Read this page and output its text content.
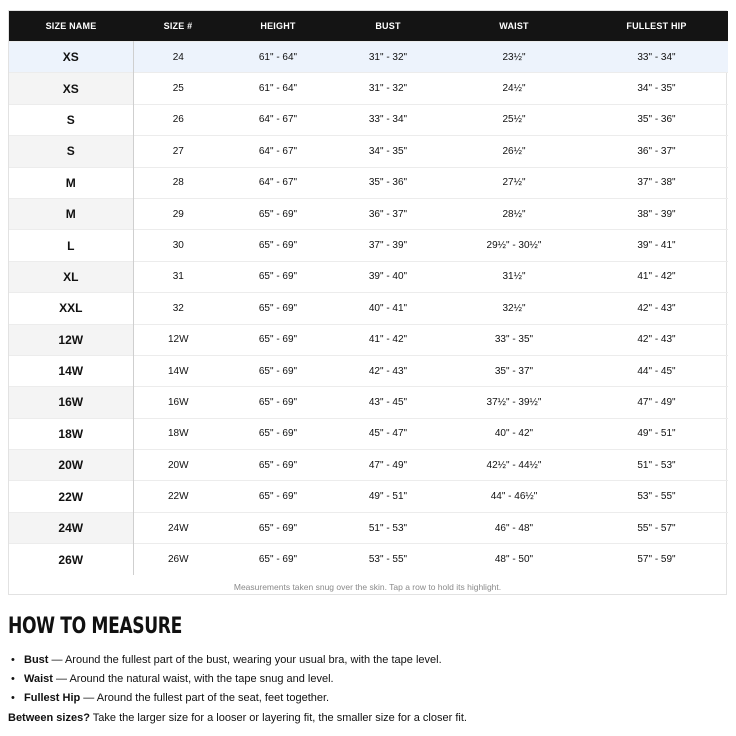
SIZE NAME	SIZE #	HEIGHT	BUST	WAIST	FULLEST HIP
XS	24	61" - 64"	31" - 32"	23½"	33" - 34"
XS	25	61" - 64"	31" - 32"	24½"	34" - 35"
S	26	64" - 67"	33" - 34"	25½"	35" - 36"
S	27	64" - 67"	34" - 35"	26½"	36" - 37"
M	28	64" - 67"	35" - 36"	27½"	37" - 38"
M	29	65" - 69"	36" - 37"	28½"	38" - 39"
L	30	65" - 69"	37" - 39"	29½" - 30½"	39" - 41"
XL	31	65" - 69"	39" - 40"	31½"	41" - 42"
XXL	32	65" - 69"	40" - 41"	32½"	42" - 43"
12W	12W	65" - 69"	41" - 42"	33" - 35"	42" - 43"
14W	14W	65" - 69"	42" - 43"	35" - 37"	44" - 45"
16W	16W	65" - 69"	43" - 45"	37½" - 39½"	47" - 49"
18W	18W	65" - 69"	45" - 47"	40" - 42"	49" - 51"
20W	20W	65" - 69"	47" - 49"	42½" - 44½"	51" - 53"
22W	22W	65" - 69"	49" - 51"	44" - 46½"	53" - 55"
24W	24W	65" - 69"	51" - 53"	46" - 48"	55" - 57"
26W	26W	65" - 69"	53" - 55"	48" - 50"	57" - 59"
Measurements taken snug over the skin. Tap a row to hold its highlight.
HOW TO MEASURE
• Bust — Around the fullest part of the bust, wearing your usual bra, with the tape level.
• Waist — Around the natural waist, with the tape snug and level.
• Fullest Hip — Around the fullest part of the seat, feet together.

Between sizes? Take the larger size for a looser or layering fit, the smaller size for a closer fit.
